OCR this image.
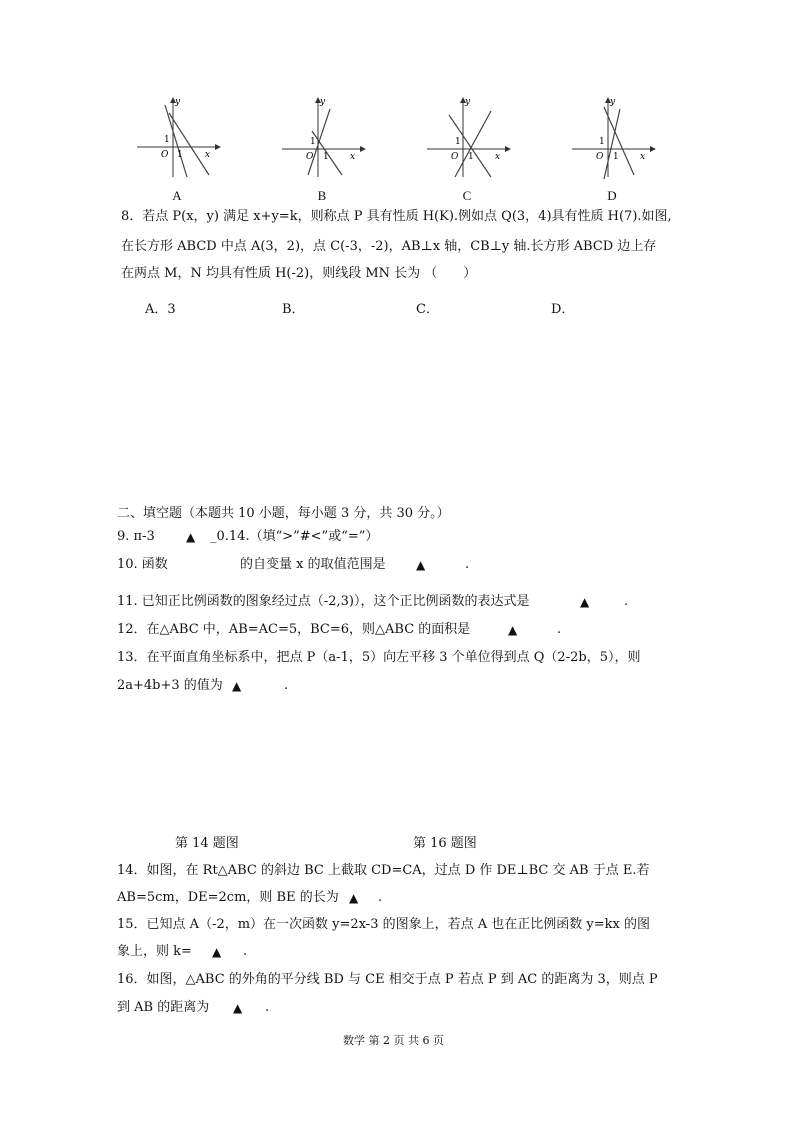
y
x
O
1
1
A
y
x
O
1
1
B
y
x
O
1
1
C
y
x
O
1
1
D
8．若点 P(x，y) 满足 x+y=k，则称点 P 具有性质 H(K).例如点 Q(3，4)具有性质 H(7).如图,
在长方形 ABCD 中点 A(3，2)，点 C(-3，-2)，AB⊥x 轴，CB⊥y 轴.长方形 ABCD 边上存
在两点 M，N 均具有性质 H(-2)，则线段 MN 长为 （　　）
A．3	B．	C．	D．
二、填空题（本题共 10 小题，每小题 3 分，共 30 分。）
9. π-3	▲ _0.14.（填“>”#<”或“=”）
10. 函数	的自变量 x 的取值范围是	▲	.
11. 已知正比例函数的图象经过点（-2,3)），这个正比例函数的表达式是	▲	.
12．在△ABC 中，AB=AC=5，BC=6，则△ABC 的面积是	▲	.
13．在平面直角坐标系中，把点 P（a-1，5）向左平移 3 个单位得到点 Q（2-2b，5），则
2a+4b+3 的值为 ▲	.
第 14 题图	第 16 题图
14．如图，在 Rt△ABC 的斜边 BC 上截取 CD=CA，过点 D 作 DE⊥BC 交 AB 于点 E.若
AB=5cm，DE=2cm，则 BE 的长为 ▲ .
15．已知点 A（-2，m）在一次函数 y=2x-3 的图象上，若点 A 也在正比例函数 y=kx 的图
象上，则 k= ▲ .
16．如图，△ABC 的外角的平分线 BD 与 CE 相交于点 P 若点 P 到 AC 的距离为 3，则点 P
到 AB 的距离为 ▲ .
数学 第 2 页 共 6 页
